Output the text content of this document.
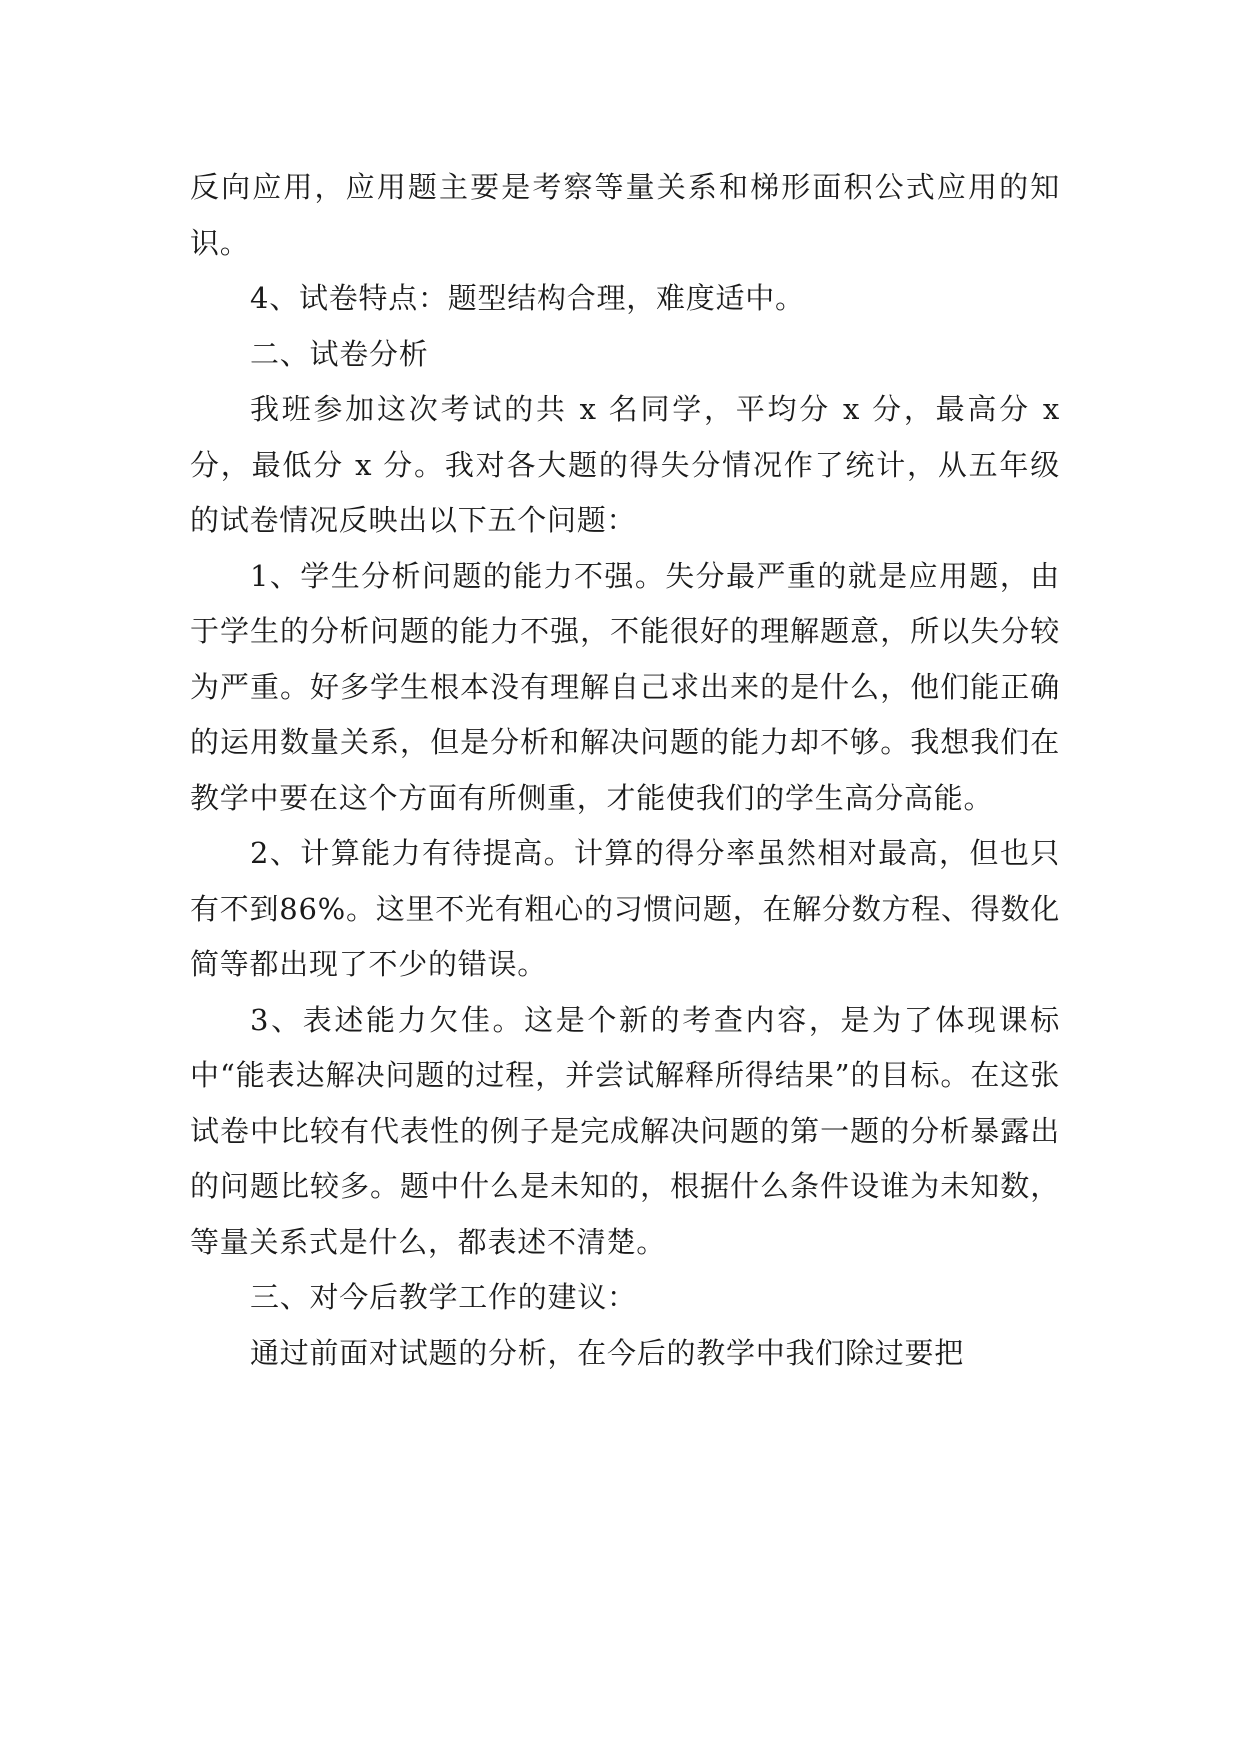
反向应用，应用题主要是考察等量关系和梯形面积公式应用的知识。

4、试卷特点：题型结构合理，难度适中。

二、试卷分析

我班参加这次考试的共 x 名同学，平均分 x 分，最高分 x 分，最低分 x 分。我对各大题的得失分情况作了统计，从五年级的试卷情况反映出以下五个问题：

1、学生分析问题的能力不强。失分最严重的就是应用题，由于学生的分析问题的能力不强，不能很好的理解题意，所以失分较为严重。好多学生根本没有理解自己求出来的是什么，他们能正确的运用数量关系，但是分析和解决问题的能力却不够。我想我们在教学中要在这个方面有所侧重，才能使我们的学生高分高能。

2、计算能力有待提高。计算的得分率虽然相对最高，但也只有不到86%。这里不光有粗心的习惯问题，在解分数方程、得数化简等都出现了不少的错误。

3、表述能力欠佳。这是个新的考查内容，是为了体现课标中“能表达解决问题的过程，并尝试解释所得结果”的目标。在这张试卷中比较有代表性的例子是完成解决问题的第一题的分析暴露出的问题比较多。题中什么是未知的，根据什么条件设谁为未知数，等量关系式是什么，都表述不清楚。

三、对今后教学工作的建议：

通过前面对试题的分析，在今后的教学中我们除过要把
